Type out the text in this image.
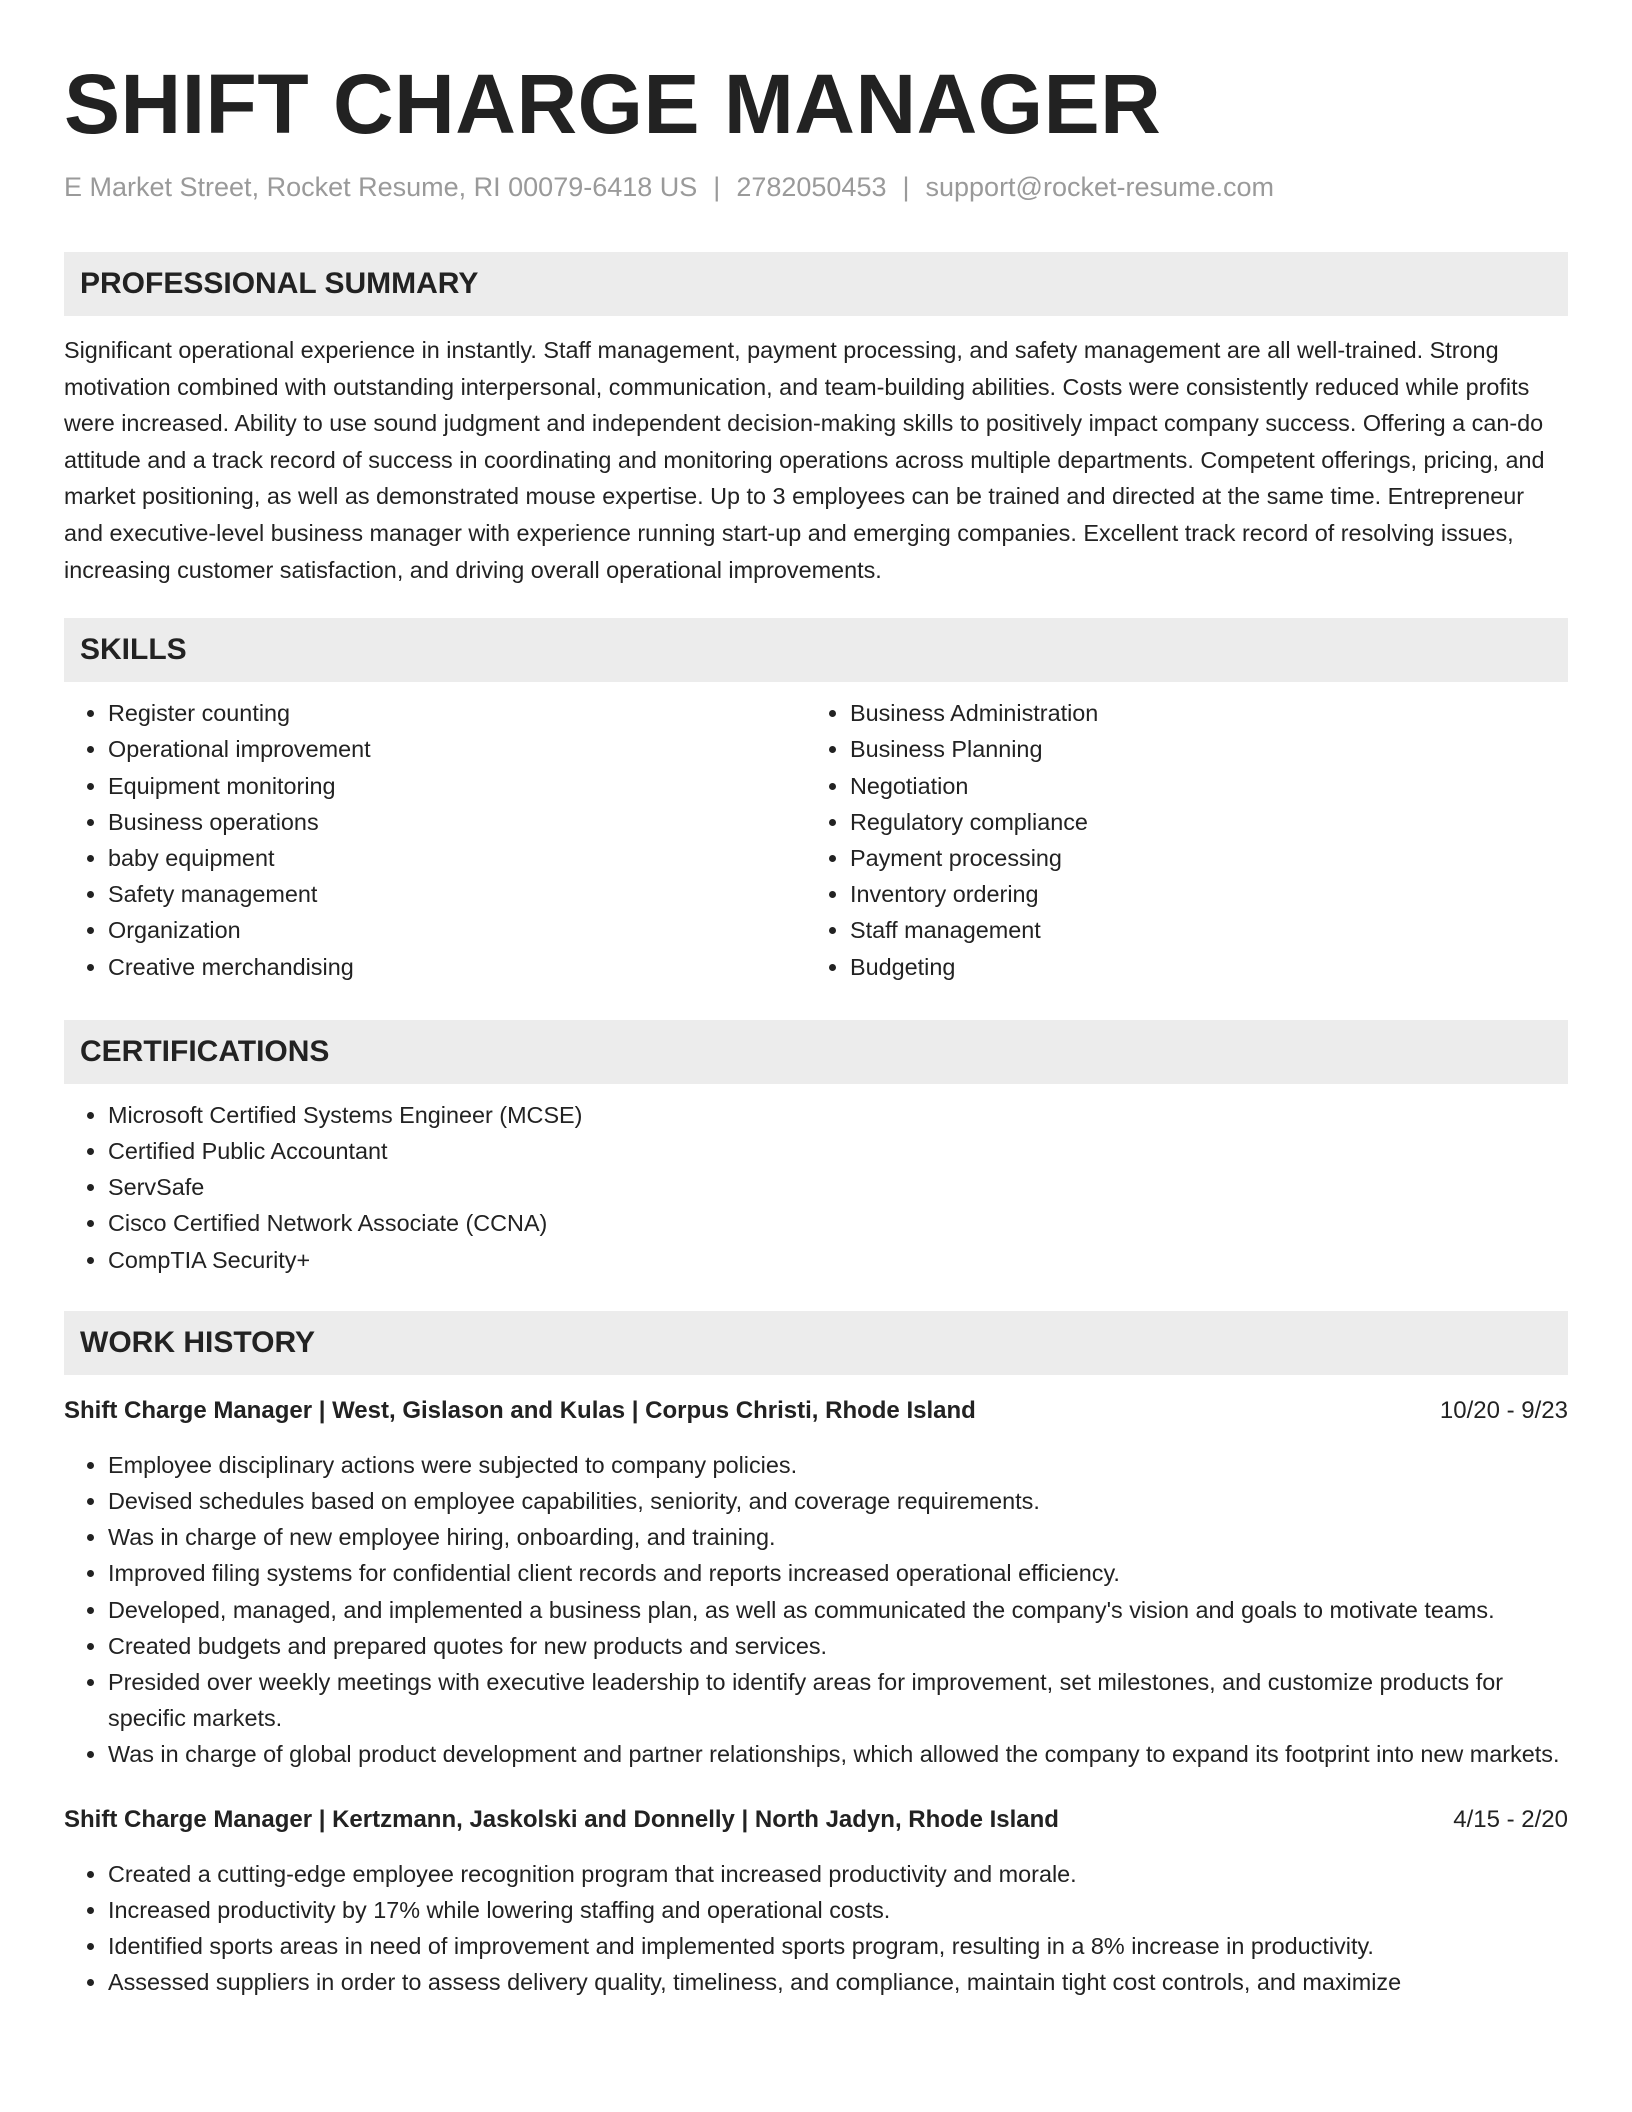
SHIFT CHARGE MANAGER
E Market Street, Rocket Resume, RI 00079-6418 US | 2782050453 | support@rocket-resume.com
PROFESSIONAL SUMMARY

Significant operational experience in instantly. Staff management, payment processing, and safety management are all well-trained. Strong motivation combined with outstanding interpersonal, communication, and team-building abilities. Costs were consistently reduced while profits were increased. Ability to use sound judgment and independent decision-making skills to positively impact company success. Offering a can-do attitude and a track record of success in coordinating and monitoring operations across multiple departments. Competent offerings, pricing, and market positioning, as well as demonstrated mouse expertise. Up to 3 employees can be trained and directed at the same time. Entrepreneur and executive-level business manager with experience running start-up and emerging companies. Excellent track record of resolving issues, increasing customer satisfaction, and driving overall operational improvements.

SKILLS
• Register counting
• Operational improvement
• Equipment monitoring
• Business operations
• baby equipment
• Safety management
• Organization
• Creative merchandising
• Business Administration
• Business Planning
• Negotiation
• Regulatory compliance
• Payment processing
• Inventory ordering
• Staff management
• Budgeting
CERTIFICATIONS
• Microsoft Certified Systems Engineer (MCSE)
• Certified Public Accountant
• ServSafe
• Cisco Certified Network Associate (CCNA)
• CompTIA Security+
WORK HISTORY
Shift Charge Manager | West, Gislason and Kulas | Corpus Christi, Rhode Island	10/20 - 9/23
• Employee disciplinary actions were subjected to company policies.
• Devised schedules based on employee capabilities, seniority, and coverage requirements.
• Was in charge of new employee hiring, onboarding, and training.
• Improved filing systems for confidential client records and reports increased operational efficiency.
• Developed, managed, and implemented a business plan, as well as communicated the company's vision and goals to motivate teams.
• Created budgets and prepared quotes for new products and services.
• Presided over weekly meetings with executive leadership to identify areas for improvement, set milestones, and customize products for specific markets.
• Was in charge of global product development and partner relationships, which allowed the company to expand its footprint into new markets.
Shift Charge Manager | Kertzmann, Jaskolski and Donnelly | North Jadyn, Rhode Island	4/15 - 2/20
• Created a cutting-edge employee recognition program that increased productivity and morale.
• Increased productivity by 17% while lowering staffing and operational costs.
• Identified sports areas in need of improvement and implemented sports program, resulting in a 8% increase in productivity.
• Assessed suppliers in order to assess delivery quality, timeliness, and compliance, maintain tight cost controls, and maximize
